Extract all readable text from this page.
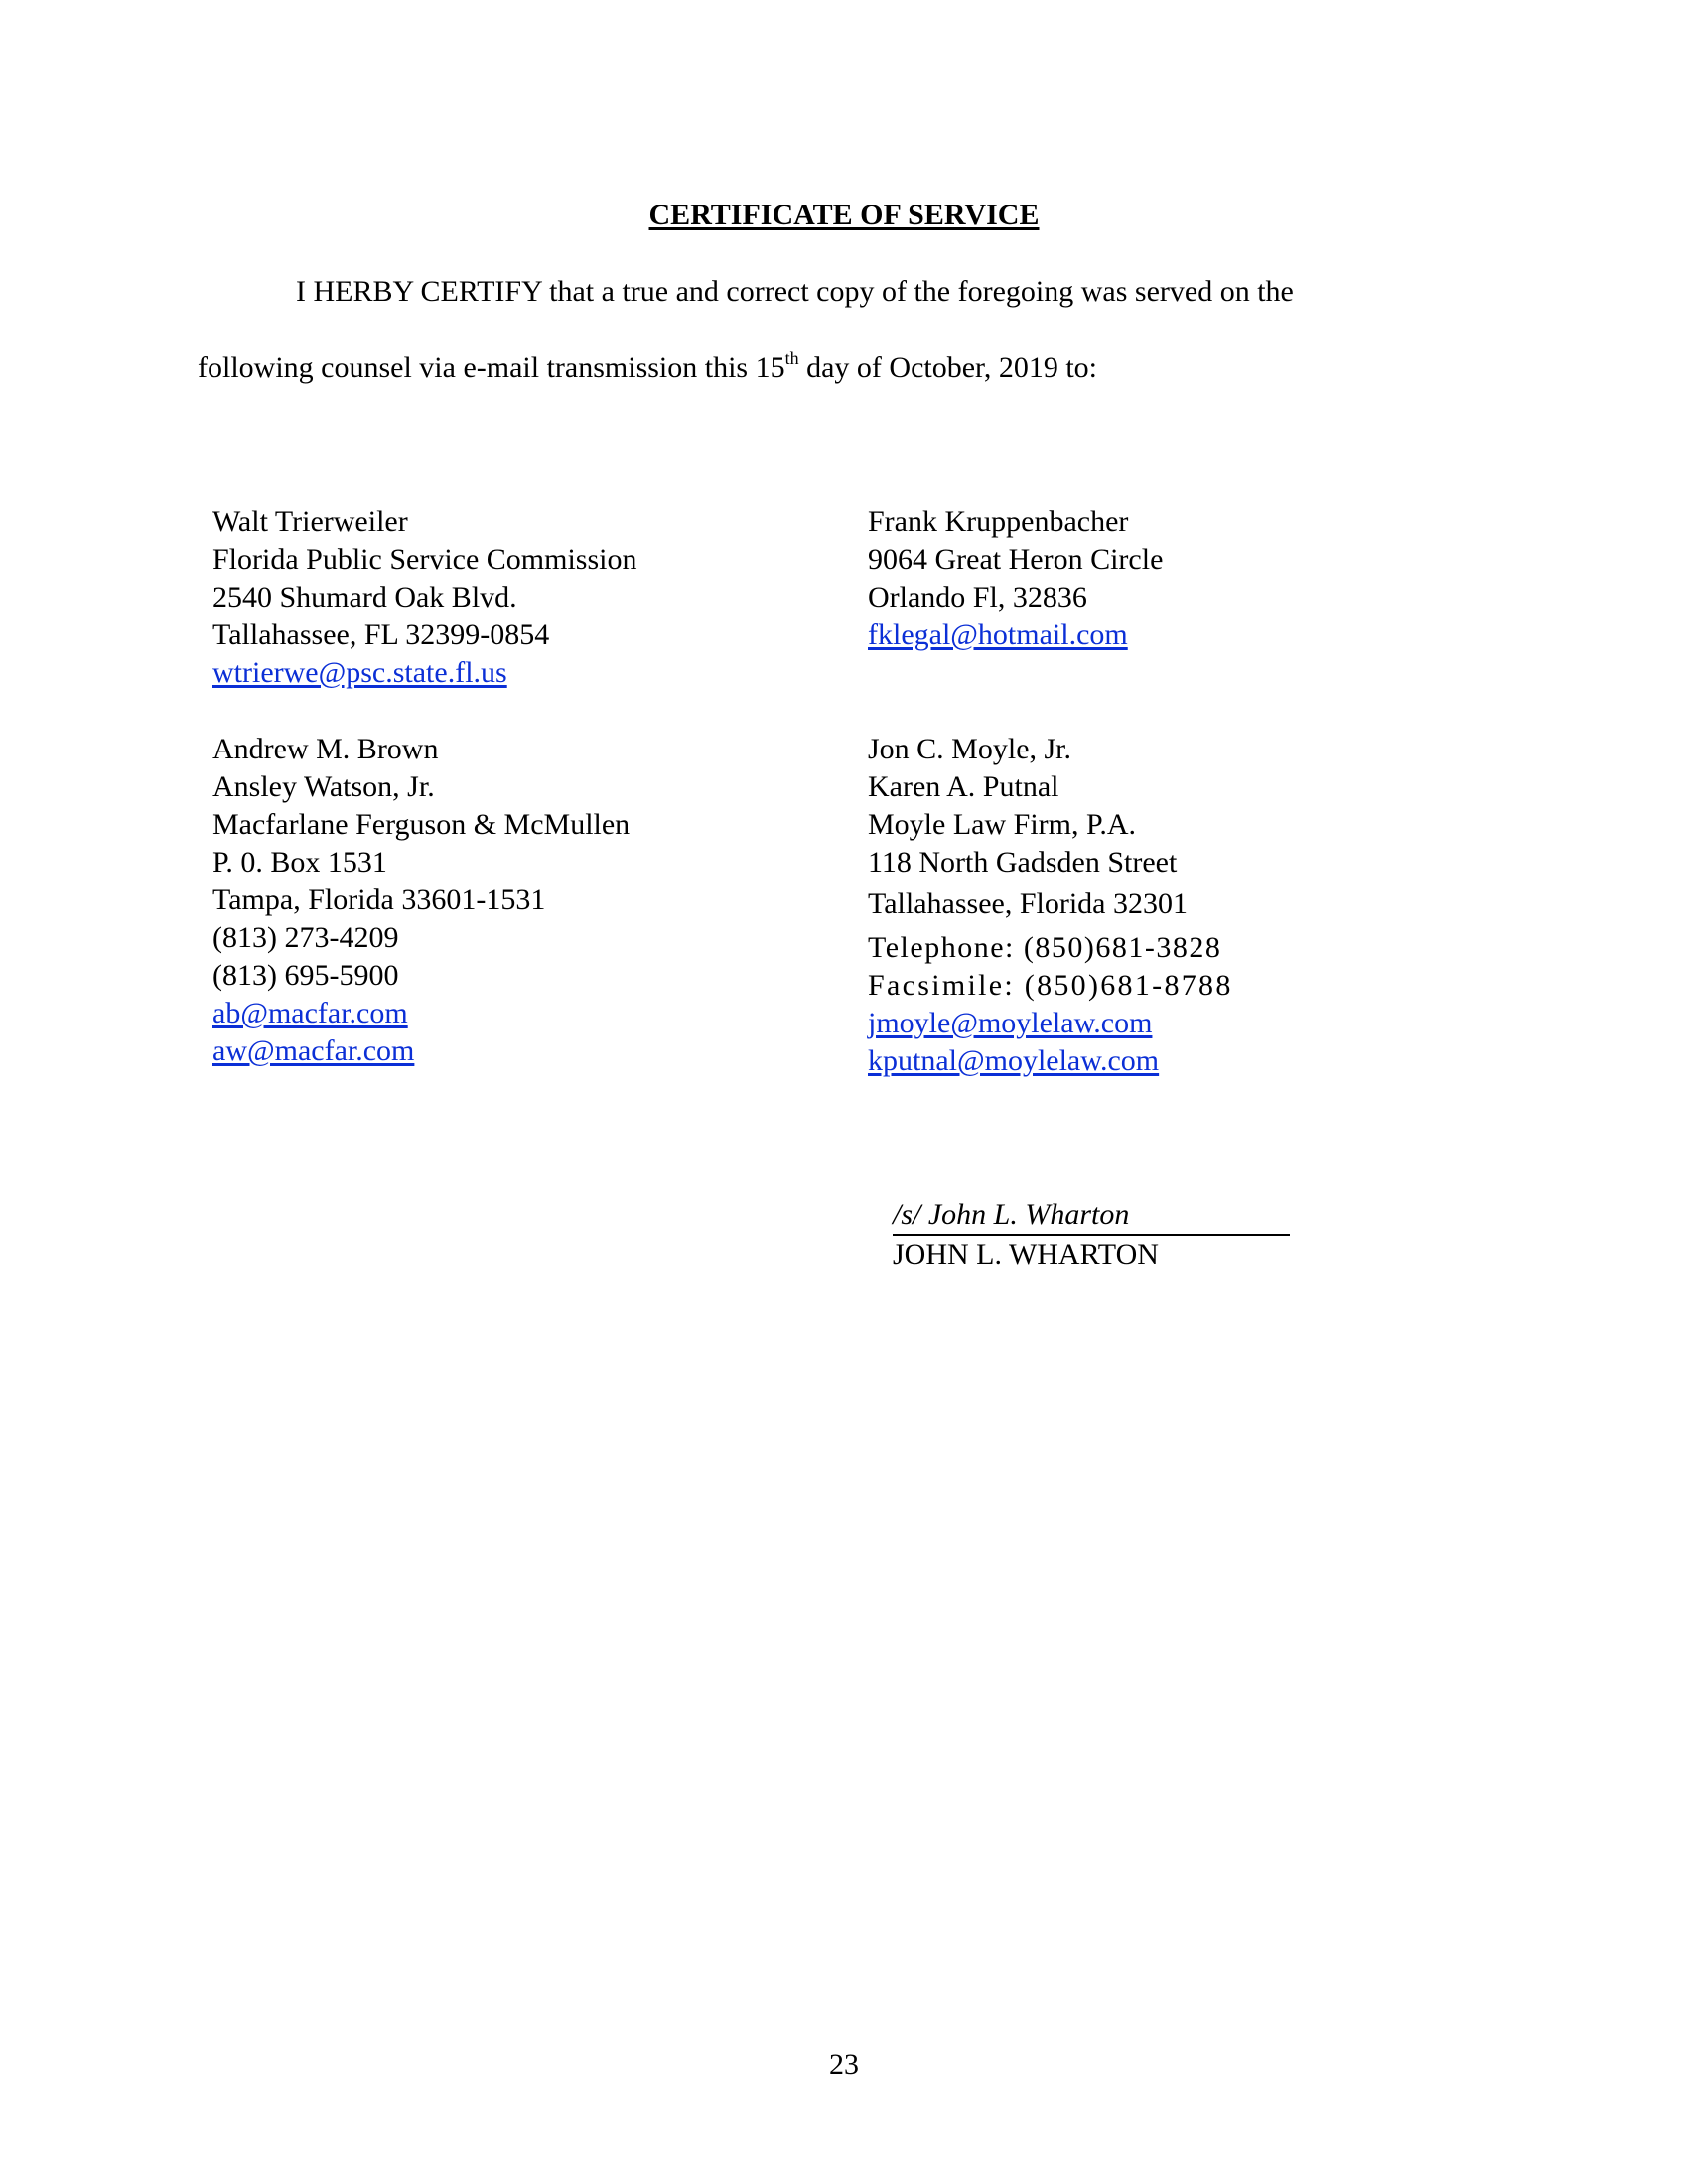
CERTIFICATE OF SERVICE
I HERBY CERTIFY that a true and correct copy of the foregoing was served on the
following counsel via e-mail transmission this 15th day of October, 2019 to:
Walt Trierweiler
Florida Public Service Commission
2540 Shumard Oak Blvd.
Tallahassee, FL 32399-0854
wtrierwe@psc.state.fl.us
Frank Kruppenbacher
9064 Great Heron Circle
Orlando Fl, 32836
fklegal@hotmail.com
Andrew M. Brown
Ansley Watson, Jr.
Macfarlane Ferguson & McMullen
P. 0. Box 1531
Tampa, Florida 33601-1531
(813) 273-4209
(813) 695-5900
ab@macfar.com
aw@macfar.com
Jon C. Moyle, Jr.
Karen A. Putnal
Moyle Law Firm, P.A.
118 North Gadsden Street
Tallahassee, Florida 32301
Telephone: (850)681-3828
Facsimile: (850)681-8788
jmoyle@moylelaw.com
kputnal@moylelaw.com
/s/ John L. Wharton
JOHN L. WHARTON
23
